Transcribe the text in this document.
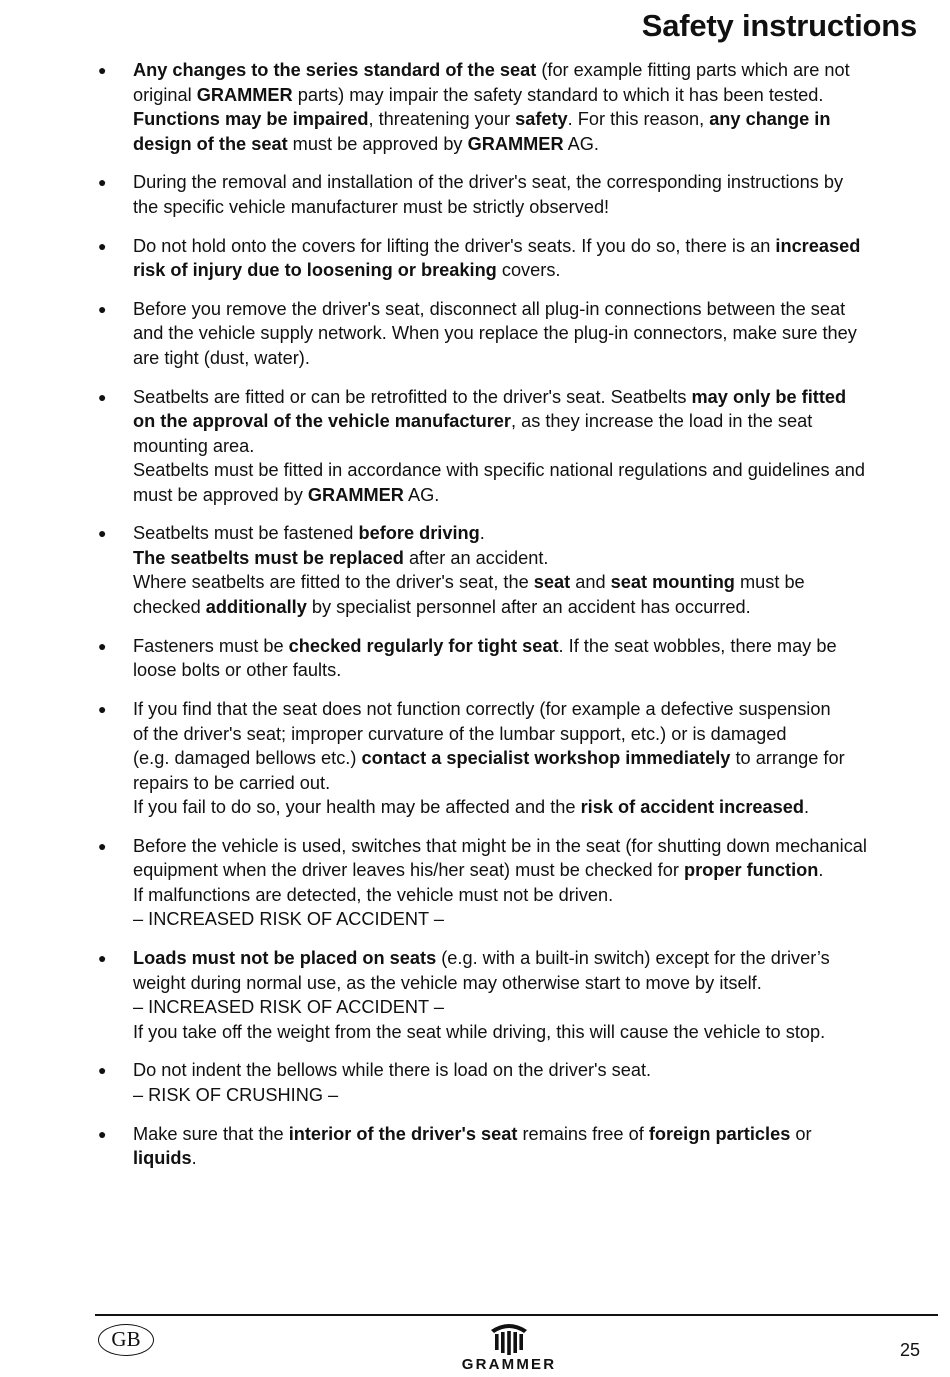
Safety instructions
● Any changes to the series standard of the seat (for example fitting parts which are not
original GRAMMER parts) may impair the safety standard to which it has been tested.
Functions may be impaired, threatening your safety. For this reason, any change in
design of the seat must be approved by GRAMMER AG.
● During the removal and installation of the driver's seat, the corresponding instructions by
the specific vehicle manufacturer must be strictly observed!
● Do not hold onto the covers for lifting the driver's seats. If you do so, there is an increased
risk of injury due to loosening or breaking covers.
● Before you remove the driver's seat, disconnect all plug-in connections between the seat
and the vehicle supply network. When you replace the plug-in connectors, make sure they
are tight (dust, water).
● Seatbelts are fitted or can be retrofitted to the driver's seat. Seatbelts may only be fitted
on the approval of the vehicle manufacturer, as they increase the load in the seat
mounting area.
Seatbelts must be fitted in accordance with specific national regulations and guidelines and
must be approved by GRAMMER AG.
● Seatbelts must be fastened before driving.
The seatbelts must be replaced after an accident.
Where seatbelts are fitted to the driver's seat, the seat and seat mounting must be
checked additionally by specialist personnel after an accident has occurred.
● Fasteners must be checked regularly for tight seat. If the seat wobbles, there may be
loose bolts or other faults.
● If you find that the seat does not function correctly (for example a defective suspension
of the driver's seat; improper curvature of the lumbar support, etc.) or is damaged
(e.g. damaged bellows etc.) contact a specialist workshop immediately to arrange for
repairs to be carried out.
If you fail to do so, your health may be affected and the risk of accident increased.
● Before the vehicle is used, switches that might be in the seat (for shutting down mechanical
equipment when the driver leaves his/her seat) must be checked for proper function.
If malfunctions are detected, the vehicle must not be driven.
– INCREASED RISK OF ACCIDENT –
● Loads must not be placed on seats (e.g. with a built-in switch) except for the driver’s
weight during normal use, as the vehicle may otherwise start to move by itself.
– INCREASED RISK OF ACCIDENT –
If you take off the weight from the seat while driving, this will cause the vehicle to stop.
● Do not indent the bellows while there is load on the driver's seat.
– RISK OF CRUSHING –
● Make sure that the interior of the driver's seat remains free of foreign particles or
liquids.
GB
GRAMMER
25
